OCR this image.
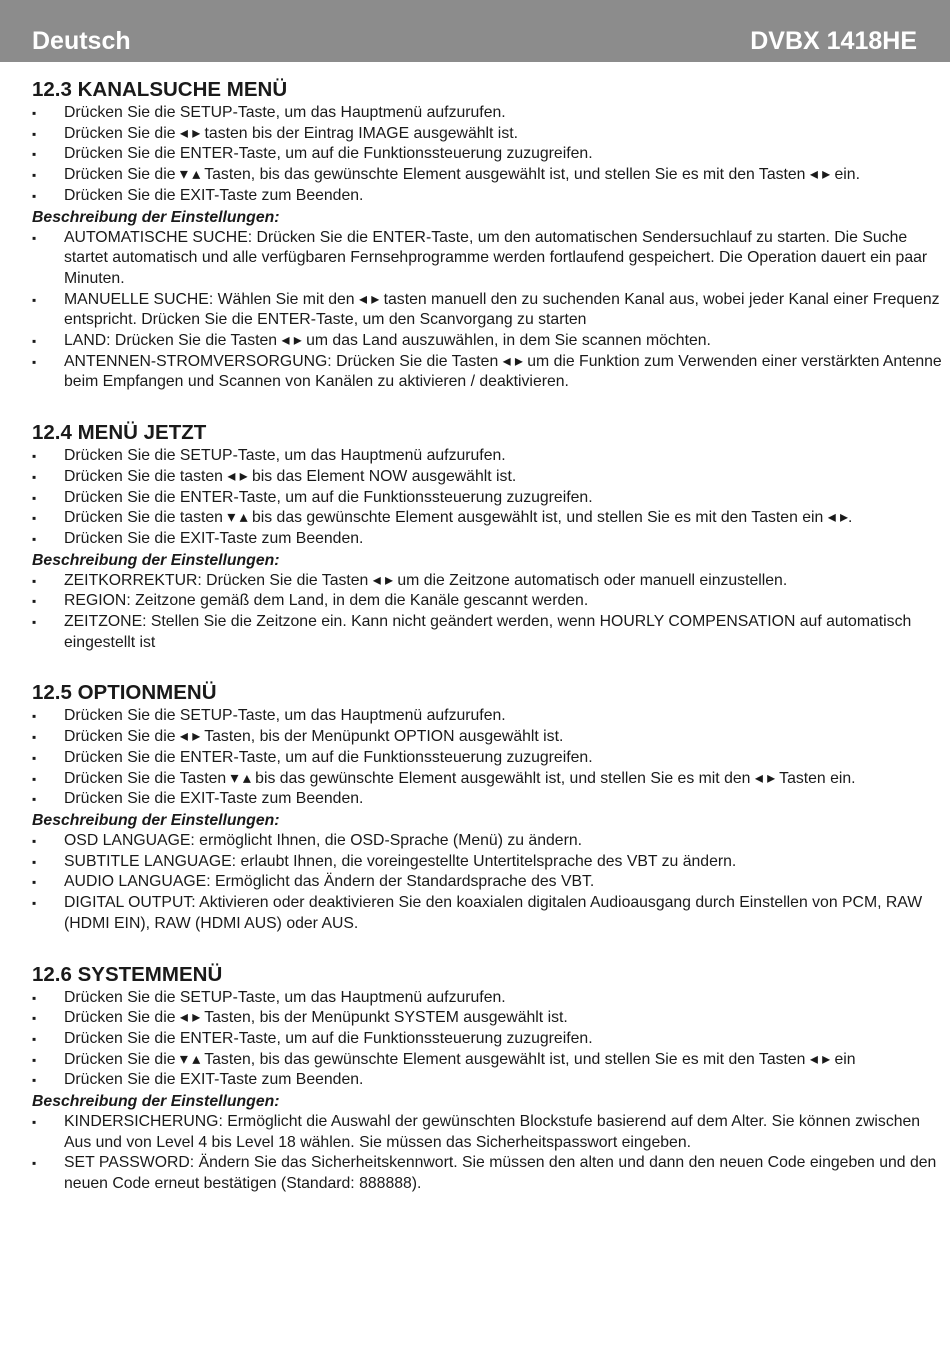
Deutsch	DVBX 1418HE
12.3 KANALSUCHE MENÜ
▪ Drücken Sie die SETUP-Taste, um das Hauptmenü aufzurufen.
▪ Drücken Sie die ◂ ▸ tasten bis der Eintrag IMAGE ausgewählt ist.
▪ Drücken Sie die ENTER-Taste, um auf die Funktionssteuerung zuzugreifen.
▪ Drücken Sie die ▾ ▴ Tasten, bis das gewünschte Element ausgewählt ist, und stellen Sie es mit den Tasten ◂ ▸ ein.
▪ Drücken Sie die EXIT-Taste zum Beenden.
Beschreibung der Einstellungen:
▪ AUTOMATISCHE SUCHE: Drücken Sie die ENTER-Taste, um den automatischen Sendersuchlauf zu starten. Die Suche startet automatisch und alle verfügbaren Fernsehprogramme werden fortlaufend gespeichert. Die Operation dauert ein paar Minuten.
▪ MANUELLE SUCHE: Wählen Sie mit den ◂ ▸ tasten manuell den zu suchenden Kanal aus, wobei jeder Kanal einer Frequenz entspricht. Drücken Sie die ENTER-Taste, um den Scanvorgang zu starten
▪ LAND: Drücken Sie die Tasten ◂ ▸ um das Land auszuwählen, in dem Sie scannen möchten.
▪ ANTENNEN-STROMVERSORGUNG: Drücken Sie die Tasten ◂ ▸ um die Funktion zum Verwenden einer verstärkten Antenne beim Empfangen und Scannen von Kanälen zu aktivieren / deaktivieren.
12.4 MENÜ JETZT
▪ Drücken Sie die SETUP-Taste, um das Hauptmenü aufzurufen.
▪ Drücken Sie die tasten ◂ ▸ bis das Element NOW ausgewählt ist.
▪ Drücken Sie die ENTER-Taste, um auf die Funktionssteuerung zuzugreifen.
▪ Drücken Sie die tasten ▾ ▴ bis das gewünschte Element ausgewählt ist, und stellen Sie es mit den Tasten ein ◂ ▸.
▪ Drücken Sie die EXIT-Taste zum Beenden.
Beschreibung der Einstellungen:
▪ ZEITKORREKTUR: Drücken Sie die Tasten ◂ ▸ um die Zeitzone automatisch oder manuell einzustellen.
▪ REGION: Zeitzone gemäß dem Land, in dem die Kanäle gescannt werden.
▪ ZEITZONE: Stellen Sie die Zeitzone ein. Kann nicht geändert werden, wenn HOURLY COMPENSATION auf automatisch eingestellt ist
12.5 OPTIONMENÜ
▪ Drücken Sie die SETUP-Taste, um das Hauptmenü aufzurufen.
▪ Drücken Sie die ◂ ▸ Tasten, bis der Menüpunkt OPTION ausgewählt ist.
▪ Drücken Sie die ENTER-Taste, um auf die Funktionssteuerung zuzugreifen.
▪ Drücken Sie die Tasten ▾ ▴ bis das gewünschte Element ausgewählt ist, und stellen Sie es mit den ◂ ▸ Tasten ein.
▪ Drücken Sie die EXIT-Taste zum Beenden.
Beschreibung der Einstellungen:
▪ OSD LANGUAGE: ermöglicht Ihnen, die OSD-Sprache (Menü) zu ändern.
▪ SUBTITLE LANGUAGE: erlaubt Ihnen, die voreingestellte Untertitelsprache des VBT zu ändern.
▪ AUDIO LANGUAGE: Ermöglicht das Ändern der Standardsprache des VBT.
▪ DIGITAL OUTPUT: Aktivieren oder deaktivieren Sie den koaxialen digitalen Audioausgang durch Einstellen von PCM, RAW (HDMI EIN), RAW (HDMI AUS) oder AUS.
12.6 SYSTEMMENÜ
▪ Drücken Sie die SETUP-Taste, um das Hauptmenü aufzurufen.
▪ Drücken Sie die ◂ ▸ Tasten, bis der Menüpunkt SYSTEM ausgewählt ist.
▪ Drücken Sie die ENTER-Taste, um auf die Funktionssteuerung zuzugreifen.
▪ Drücken Sie die ▾ ▴ Tasten, bis das gewünschte Element ausgewählt ist, und stellen Sie es mit den Tasten ◂ ▸ ein
▪ Drücken Sie die EXIT-Taste zum Beenden.
Beschreibung der Einstellungen:
▪ KINDERSICHERUNG: Ermöglicht die Auswahl der gewünschten Blockstufe basierend auf dem Alter. Sie können zwischen Aus und von Level 4 bis Level 18 wählen. Sie müssen das Sicherheitspasswort eingeben.
▪ SET PASSWORD: Ändern Sie das Sicherheitskennwort. Sie müssen den alten und dann den neuen Code eingeben und den neuen Code erneut bestätigen (Standard: 888888).
